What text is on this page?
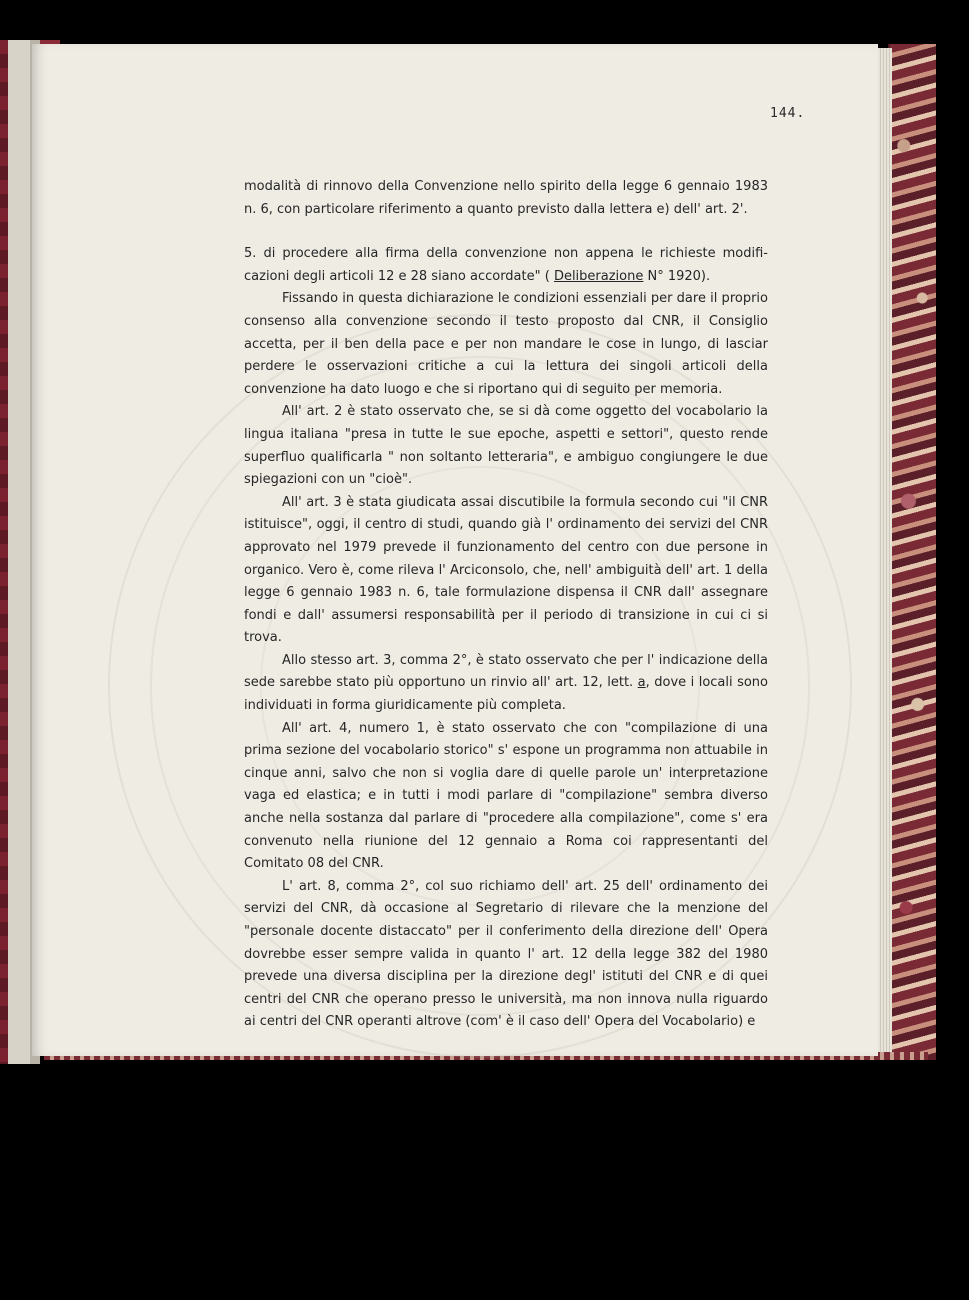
144.

modalità di rinnovo della Convenzione nello spirito della legge 6 gennaio 1983 n. 6, con particolare riferimento a quanto previsto dalla lettera e) dell' art. 2'.

5. di procedere alla firma della convenzione non appena le richieste modifi-cazioni degli articoli 12 e 28 siano accordate" ( Deliberazione N° 1920).

Fissando in questa dichiarazione le condizioni essenziali per dare il proprio consenso alla convenzione secondo il testo proposto dal CNR, il Consiglio accetta, per il ben della pace e per non mandare le cose in lungo, di lasciar perdere le osservazioni critiche a cui la lettura dei singoli articoli della convenzione ha dato luogo e che si riportano qui di seguito per memoria.

All' art. 2 è stato osservato che, se si dà come oggetto del vocabolario la lingua italiana "presa in tutte le sue epoche, aspetti e settori", questo rende superfluo qualificarla " non soltanto letteraria", e ambiguo congiungere le due spiegazioni con un "cioè".

All' art. 3 è stata giudicata assai discutibile la formula secondo cui "il CNR istituisce", oggi, il centro di studi, quando già l' ordinamento dei servizi del CNR approvato nel 1979 prevede il funzionamento del centro con due persone in organico. Vero è, come rileva l' Arciconsolo, che, nell' ambiguità dell' art. 1 della legge 6 gennaio 1983 n. 6, tale formulazione dispensa il CNR dall' assegnare fondi e dall' assumersi responsabilità per il periodo di transizione in cui ci si trova.

Allo stesso art. 3, comma 2°, è stato osservato che per l' indicazione della sede sarebbe stato più opportuno un rinvio all' art. 12, lett. a, dove i locali sono individuati in forma giuridicamente più completa.

All' art. 4, numero 1, è stato osservato che con "compilazione di una prima sezione del vocabolario storico" s' espone un programma non attuabile in cinque anni, salvo che non si voglia dare di quelle parole un' interpretazione vaga ed elastica; e in tutti i modi parlare di "compilazione" sembra diverso anche nella sostanza dal parlare di "procedere alla compilazione", come s' era convenuto nella riunione del 12 gennaio a Roma coi rappresentanti del Comitato 08 del CNR.

L' art. 8, comma 2°, col suo richiamo dell' art. 25 dell' ordinamento dei servizi del CNR, dà occasione al Segretario di rilevare che la menzione del "personale docente distaccato" per il conferimento della direzione dell' Opera dovrebbe esser sempre valida in quanto l' art. 12 della legge 382 del 1980 prevede una diversa disciplina per la direzione degl' istituti del CNR e di quei centri del CNR che operano presso le università, ma non innova nulla riguardo ai centri del CNR operanti altrove (com' è il caso dell' Opera del Vocabolario) e
